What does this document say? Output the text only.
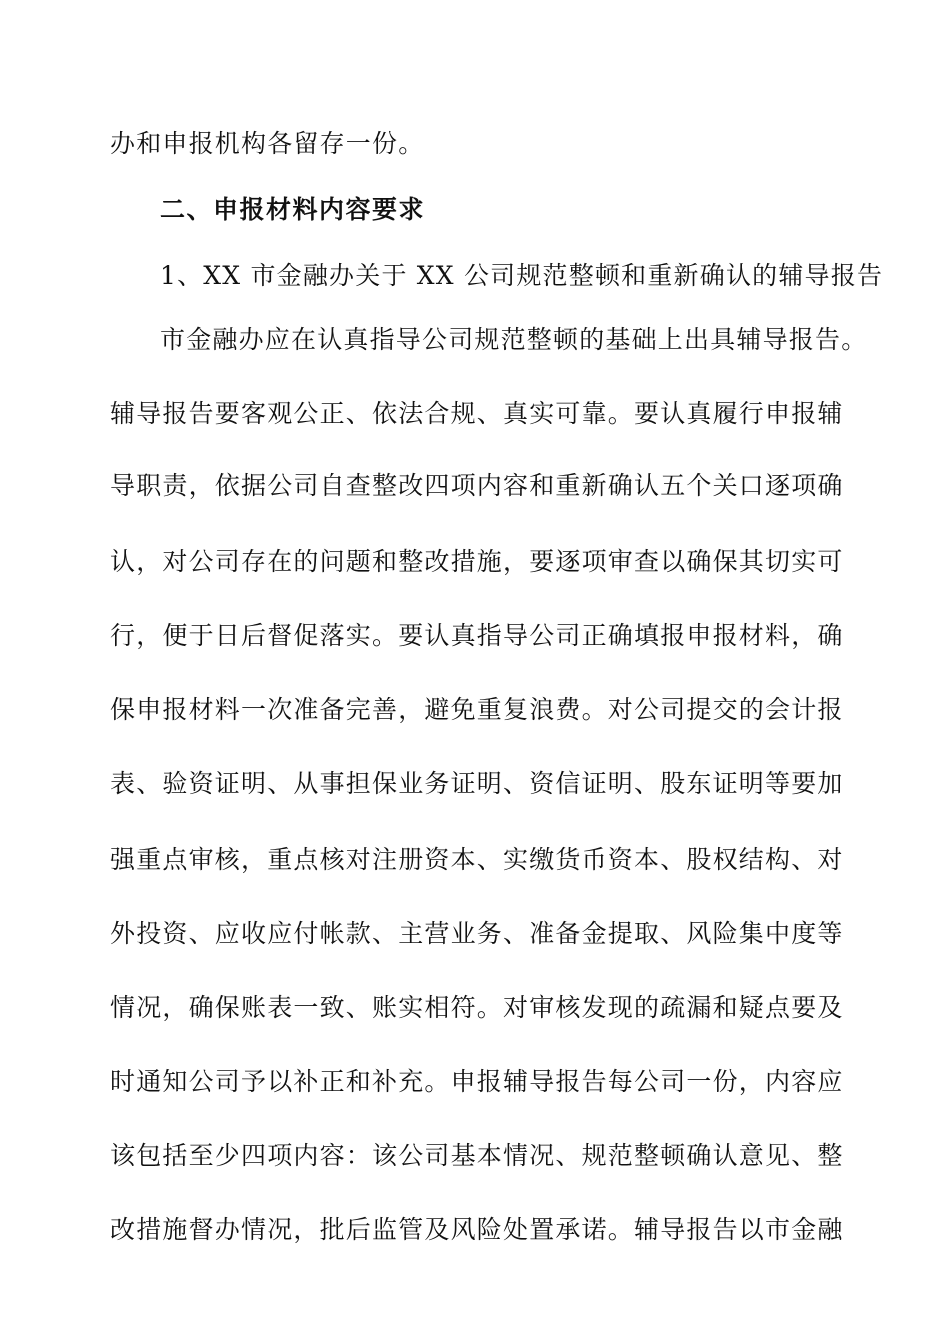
办和申报机构各留存一份。
二、申报材料内容要求
1、XX 市金融办关于 XX 公司规范整顿和重新确认的辅导报告
市金融办应在认真指导公司规范整顿的基础上出具辅导报告。
辅导报告要客观公正、依法合规、真实可靠。要认真履行申报辅
导职责，依据公司自查整改四项内容和重新确认五个关口逐项确
认，对公司存在的问题和整改措施，要逐项审查以确保其切实可
行，便于日后督促落实。要认真指导公司正确填报申报材料，确
保申报材料一次准备完善，避免重复浪费。对公司提交的会计报
表、验资证明、从事担保业务证明、资信证明、股东证明等要加
强重点审核，重点核对注册资本、实缴货币资本、股权结构、对
外投资、应收应付帐款、主营业务、准备金提取、风险集中度等
情况，确保账表一致、账实相符。对审核发现的疏漏和疑点要及
时通知公司予以补正和补充。申报辅导报告每公司一份，内容应
该包括至少四项内容：该公司基本情况、规范整顿确认意见、整
改措施督办情况，批后监管及风险处置承诺。辅导报告以市金融
